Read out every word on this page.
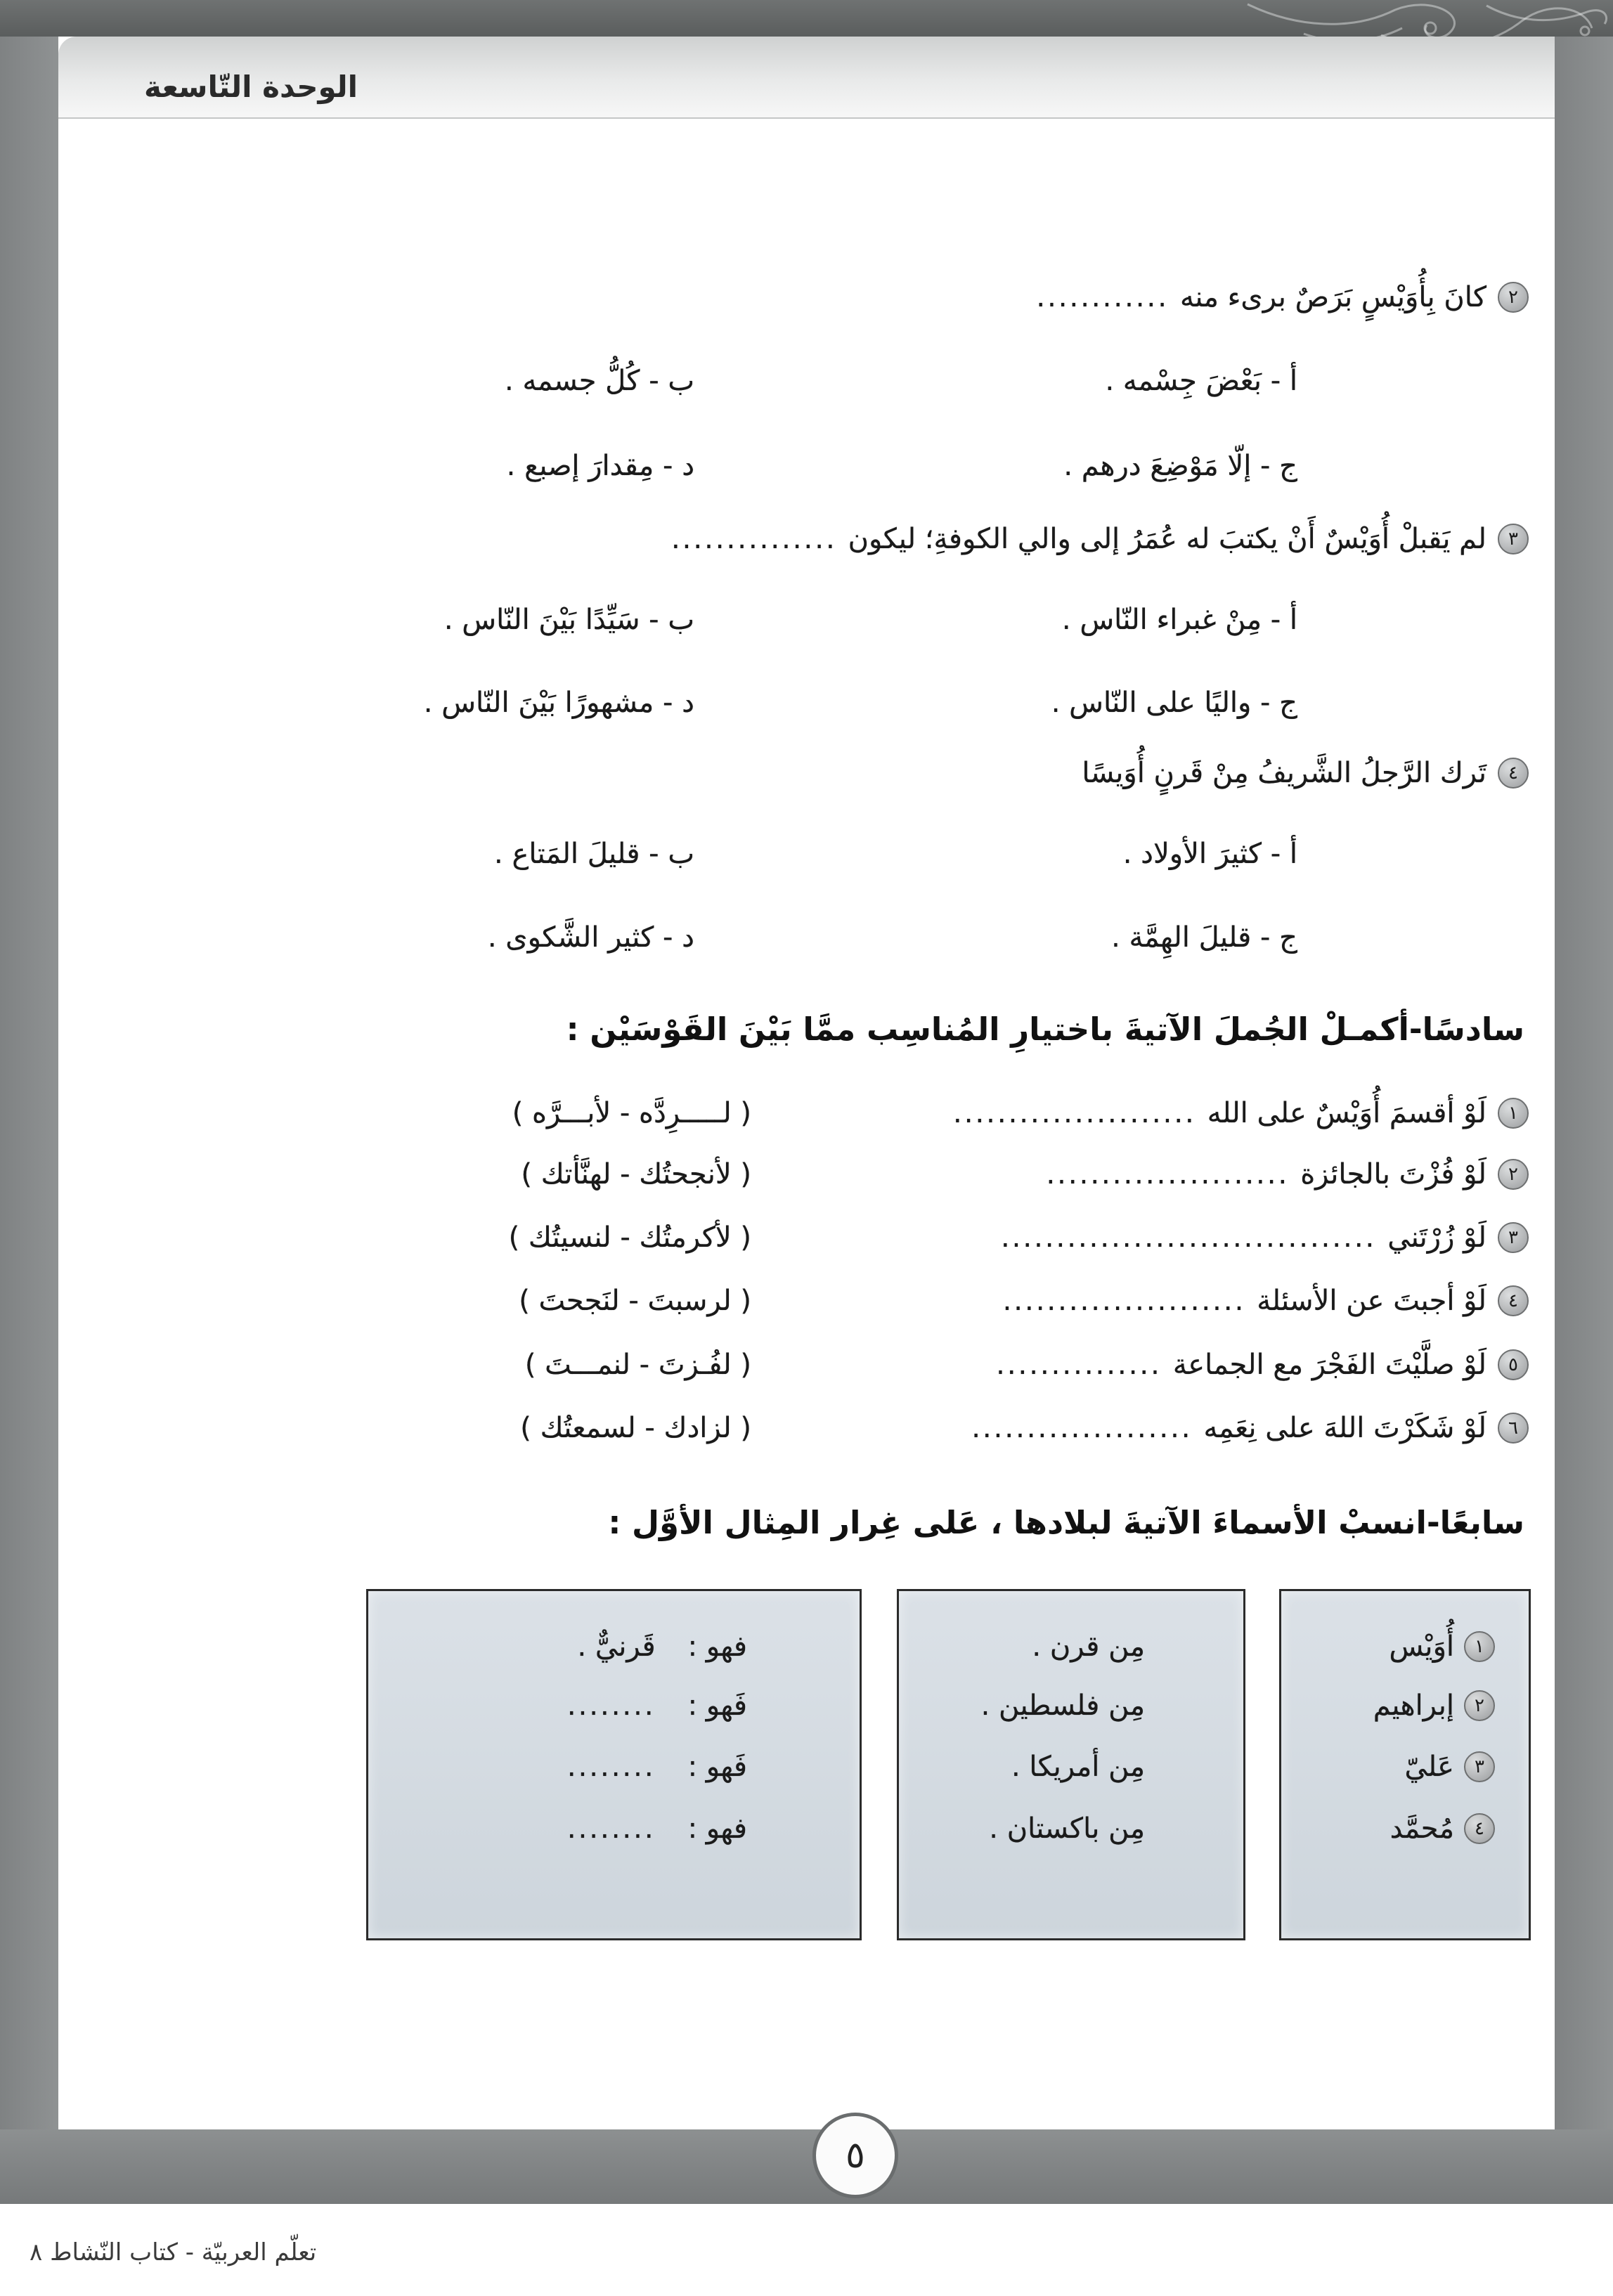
الوحدة التّاسعة
٢
كانَ بِأُوَيْسٍ بَرَصٌ برىء منه
............
أ - بَعْضَ جِسْمه .
ب - كُلُّ جسمه .
ج - إلّا مَوْضِعَ درهم .
د - مِقدارَ إصبع .
٣
لم يَقبلْ أُوَيْسٌ أَنْ يكتبَ له عُمَرُ إلى والي الكوفةِ؛ ليكون
...............
أ - مِنْ غبراء النّاس .
ب - سَيِّدًا بَيْنَ النّاس .
ج - واليًا على النّاس .
د - مشهورًا بَيْنَ النّاس .
٤
تَرك الرَّجلُ الشَّريفُ مِنْ قَرنٍ أُوَيسًا
أ - كثيرَ الأولاد .
ب - قليلَ المَتاع .
ج - قليلَ الهِمَّة .
د - كثير الشَّكوى .
سادسًا-أكمـلْ الجُملَ الآتيةَ باختيارِ المُناسِب ممَّا بَيْنَ القَوْسَيْن :
١
لَوْ أقسمَ أُوَيْسٌ على الله
......................
( لـــــرِدَّه - لأبـــرَّه )
٢
لَوْ فُزْتَ بالجائزة
......................
( لأنجحتُك - لهنَّأتك )
٣
لَوْ زُرْتَني
..................................
( لأكرمتُك - لنسيتُك )
٤
لَوْ أجبتَ عن الأسئلة
......................
( لرسبتَ - لنَجحتَ )
٥
لَوْ صلَّيْتَ الفَجْرَ مع الجماعة
...............
( لفُـزتَ - لنمـــتَ )
٦
لَوْ شَكَرْتَ اللهَ على نِعَمِه
....................
( لزادك - لسمعتُك )
سابعًا-انسبْ الأسماءَ الآتيةَ لبلادها ، عَلى غِرار المِثال الأوَّل :
١
أُوَيْس
٢
إبراهيم
٣
عَليّ
٤
مُحمَّد
مِن قرن .
مِن فلسطين .
مِن أمريكا .
مِن باكستان .
فهو :
قَرنيٌّ .
فَهو :
........
فَهو :
........
فهو :
........
٥
تعلّم العربيّة - كتاب النّشاط ٨
